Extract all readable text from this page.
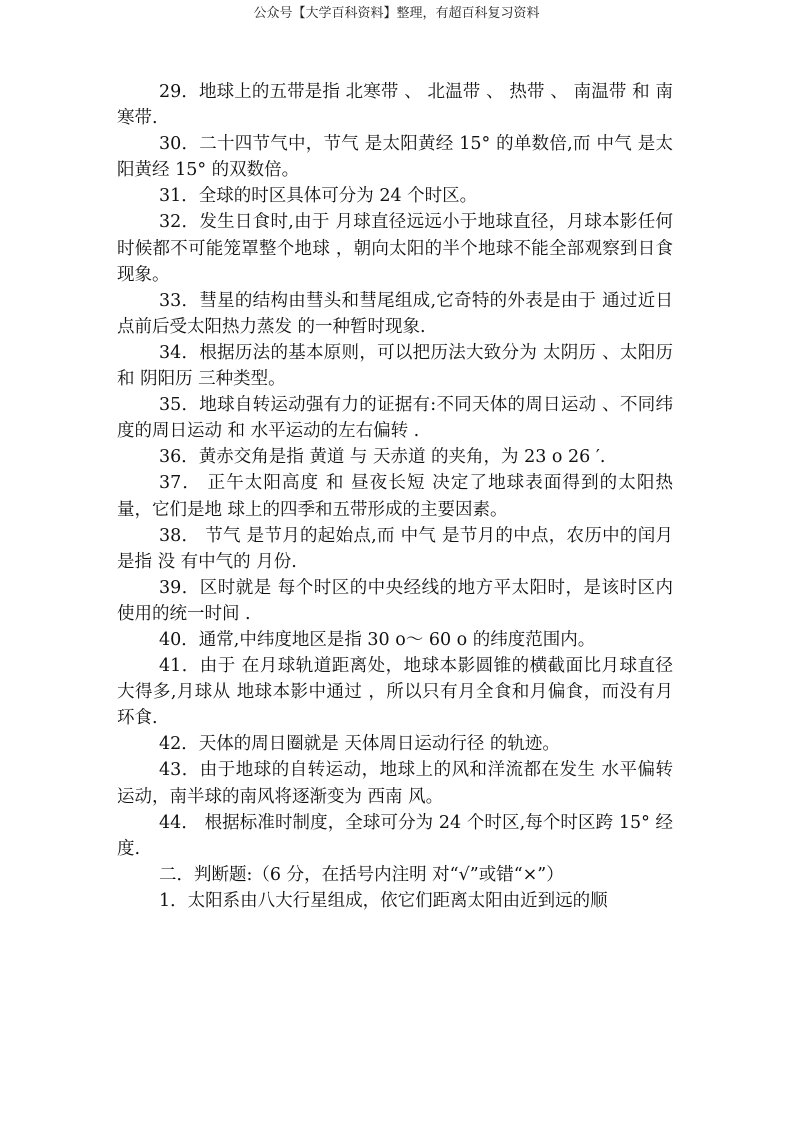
公众号【大学百科资料】整理，有超百科复习资料

29．地球上的五带是指 北寒带 、 北温带 、 热带 、 南温带 和 南寒带.

30．二十四节气中，节气 是太阳黄经 15° 的单数倍,而 中气 是太阳黄经 15° 的双数倍。

31．全球的时区具体可分为 24 个时区。

32．发生日食时,由于 月球直径远远小于地球直径，月球本影任何时候都不可能笼罩整个地球 ，朝向太阳的半个地球不能全部观察到日食现象。

33．彗星的结构由彗头和彗尾组成,它奇特的外表是由于 通过近日点前后受太阳热力蒸发 的一种暂时现象.

34．根据历法的基本原则，可以把历法大致分为 太阴历 、太阳历 和 阴阳历 三种类型。

35．地球自转运动强有力的证据有:不同天体的周日运动 、不同纬度的周日运动 和 水平运动的左右偏转 .

36．黄赤交角是指 黄道 与 天赤道 的夹角，为 23 o 26 ′.

37． 正午太阳高度 和 昼夜长短 决定了地球表面得到的太阳热量，它们是地 球上的四季和五带形成的主要因素。

38． 节气 是节月的起始点,而 中气 是节月的中点，农历中的闰月是指 没 有中气的 月份.

39．区时就是 每个时区的中央经线的地方平太阳时，是该时区内使用的统一时间 .

40．通常,中纬度地区是指 30 o～ 60 o 的纬度范围内。

41．由于 在月球轨道距离处，地球本影圆锥的横截面比月球直径大得多,月球从 地球本影中通过 ，所以只有月全食和月偏食，而没有月环食.

42．天体的周日圈就是 天体周日运动行径 的轨迹。

43．由于地球的自转运动，地球上的风和洋流都在发生 水平偏转 运动，南半球的南风将逐渐变为 西南 风。

44． 根据标准时制度，全球可分为 24 个时区,每个时区跨 15° 经度.

二．判断题:（6 分，在括号内注明 对“√”或错“×”）

1．太阳系由八大行星组成，依它们距离太阳由近到远的顺
